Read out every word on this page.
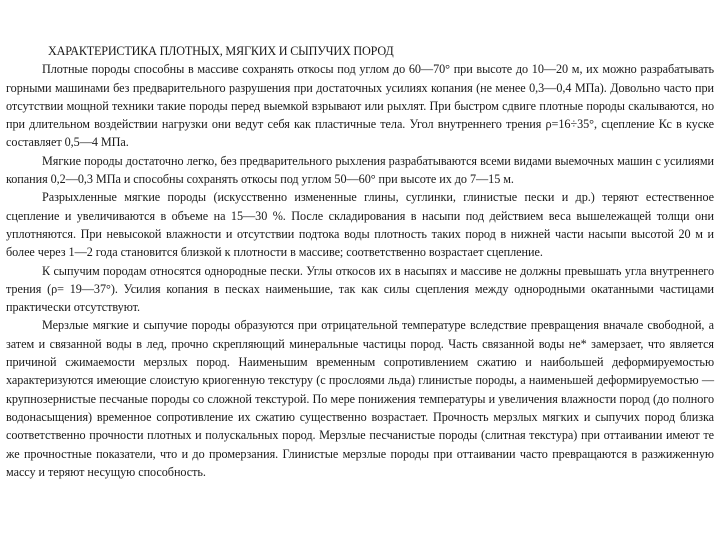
ХАРАКТЕРИСТИКА ПЛОТНЫХ, МЯГКИХ И СЫПУЧИХ ПОРОД

Плотные породы способны в массиве сохранять откосы под углом до 60—70° при высоте до 10—20 м, их можно разрабатывать горными машинами без предварительного разрушения при достаточных усилиях копания (не менее 0,3—0,4 МПа). Довольно часто при отсутствии мощной техники такие породы перед выемкой взрывают или рыхлят. При быстром сдвиге плотные породы скалываются, но при длительном воздействии нагрузки они ведут себя как пластичные тела. Угол внутреннего трения ρ=16÷35°, сцепление Кс в куске составляет 0,5—4 МПа.

Мягкие породы достаточно легко, без предварительного рыхления разрабатываются всеми видами выемочных машин с усилиями копания 0,2—0,3 МПа и способны сохранять откосы под углом 50—60° при высоте их до 7—15 м.

Разрыхленные мягкие породы (искусственно измененные глины, суглинки, глинистые пески и др.) теряют естественное сцепление и увеличиваются в объеме на 15—30 %. После складирования в насыпи под действием веса вышележащей толщи они уплотняются. При невысокой влажности и отсутствии подтока воды плотность таких пород в нижней части насыпи высотой 20 м и более через 1—2 года становится близкой к плотности в массиве; соответственно возрастает сцепление.

К сыпучим породам относятся однородные пески. Углы откосов их в насыпях и массиве не должны превышать угла внутреннего трения (ρ= 19—37°). Усилия копания в песках наименьшие, так как силы сцепления между однородными окатанными частицами практически отсутствуют.

Мерзлые мягкие и сыпучие породы образуются при отрицательной температуре вследствие превращения вначале свободной, а затем и связанной воды в лед, прочно скрепляющий минеральные частицы пород. Часть связанной воды не* замерзает, что является причиной сжимаемости мерзлых пород. Наименьшим временным сопротивлением сжатию и наибольшей деформируемостью характеризуются имеющие слоистую криогенную текстуру (с прослоями льда) глинистые породы, а наименьшей деформируемостью — крупнозернистые песчаные породы со сложной текстурой. По мере понижения температуры и увеличения влажности пород (до полного водонасыщения) временное сопротивление их сжатию существенно возрастает. Прочность мерзлых мягких и сыпучих пород близка соответственно прочности плотных и полускальных пород. Мерзлые песчанистые породы (слитная текстура) при оттаивании имеют те же прочностные показатели, что и до промерзания. Глинистые мерзлые породы при оттаивании часто превращаются в разжиженную массу и теряют несущую способность.
